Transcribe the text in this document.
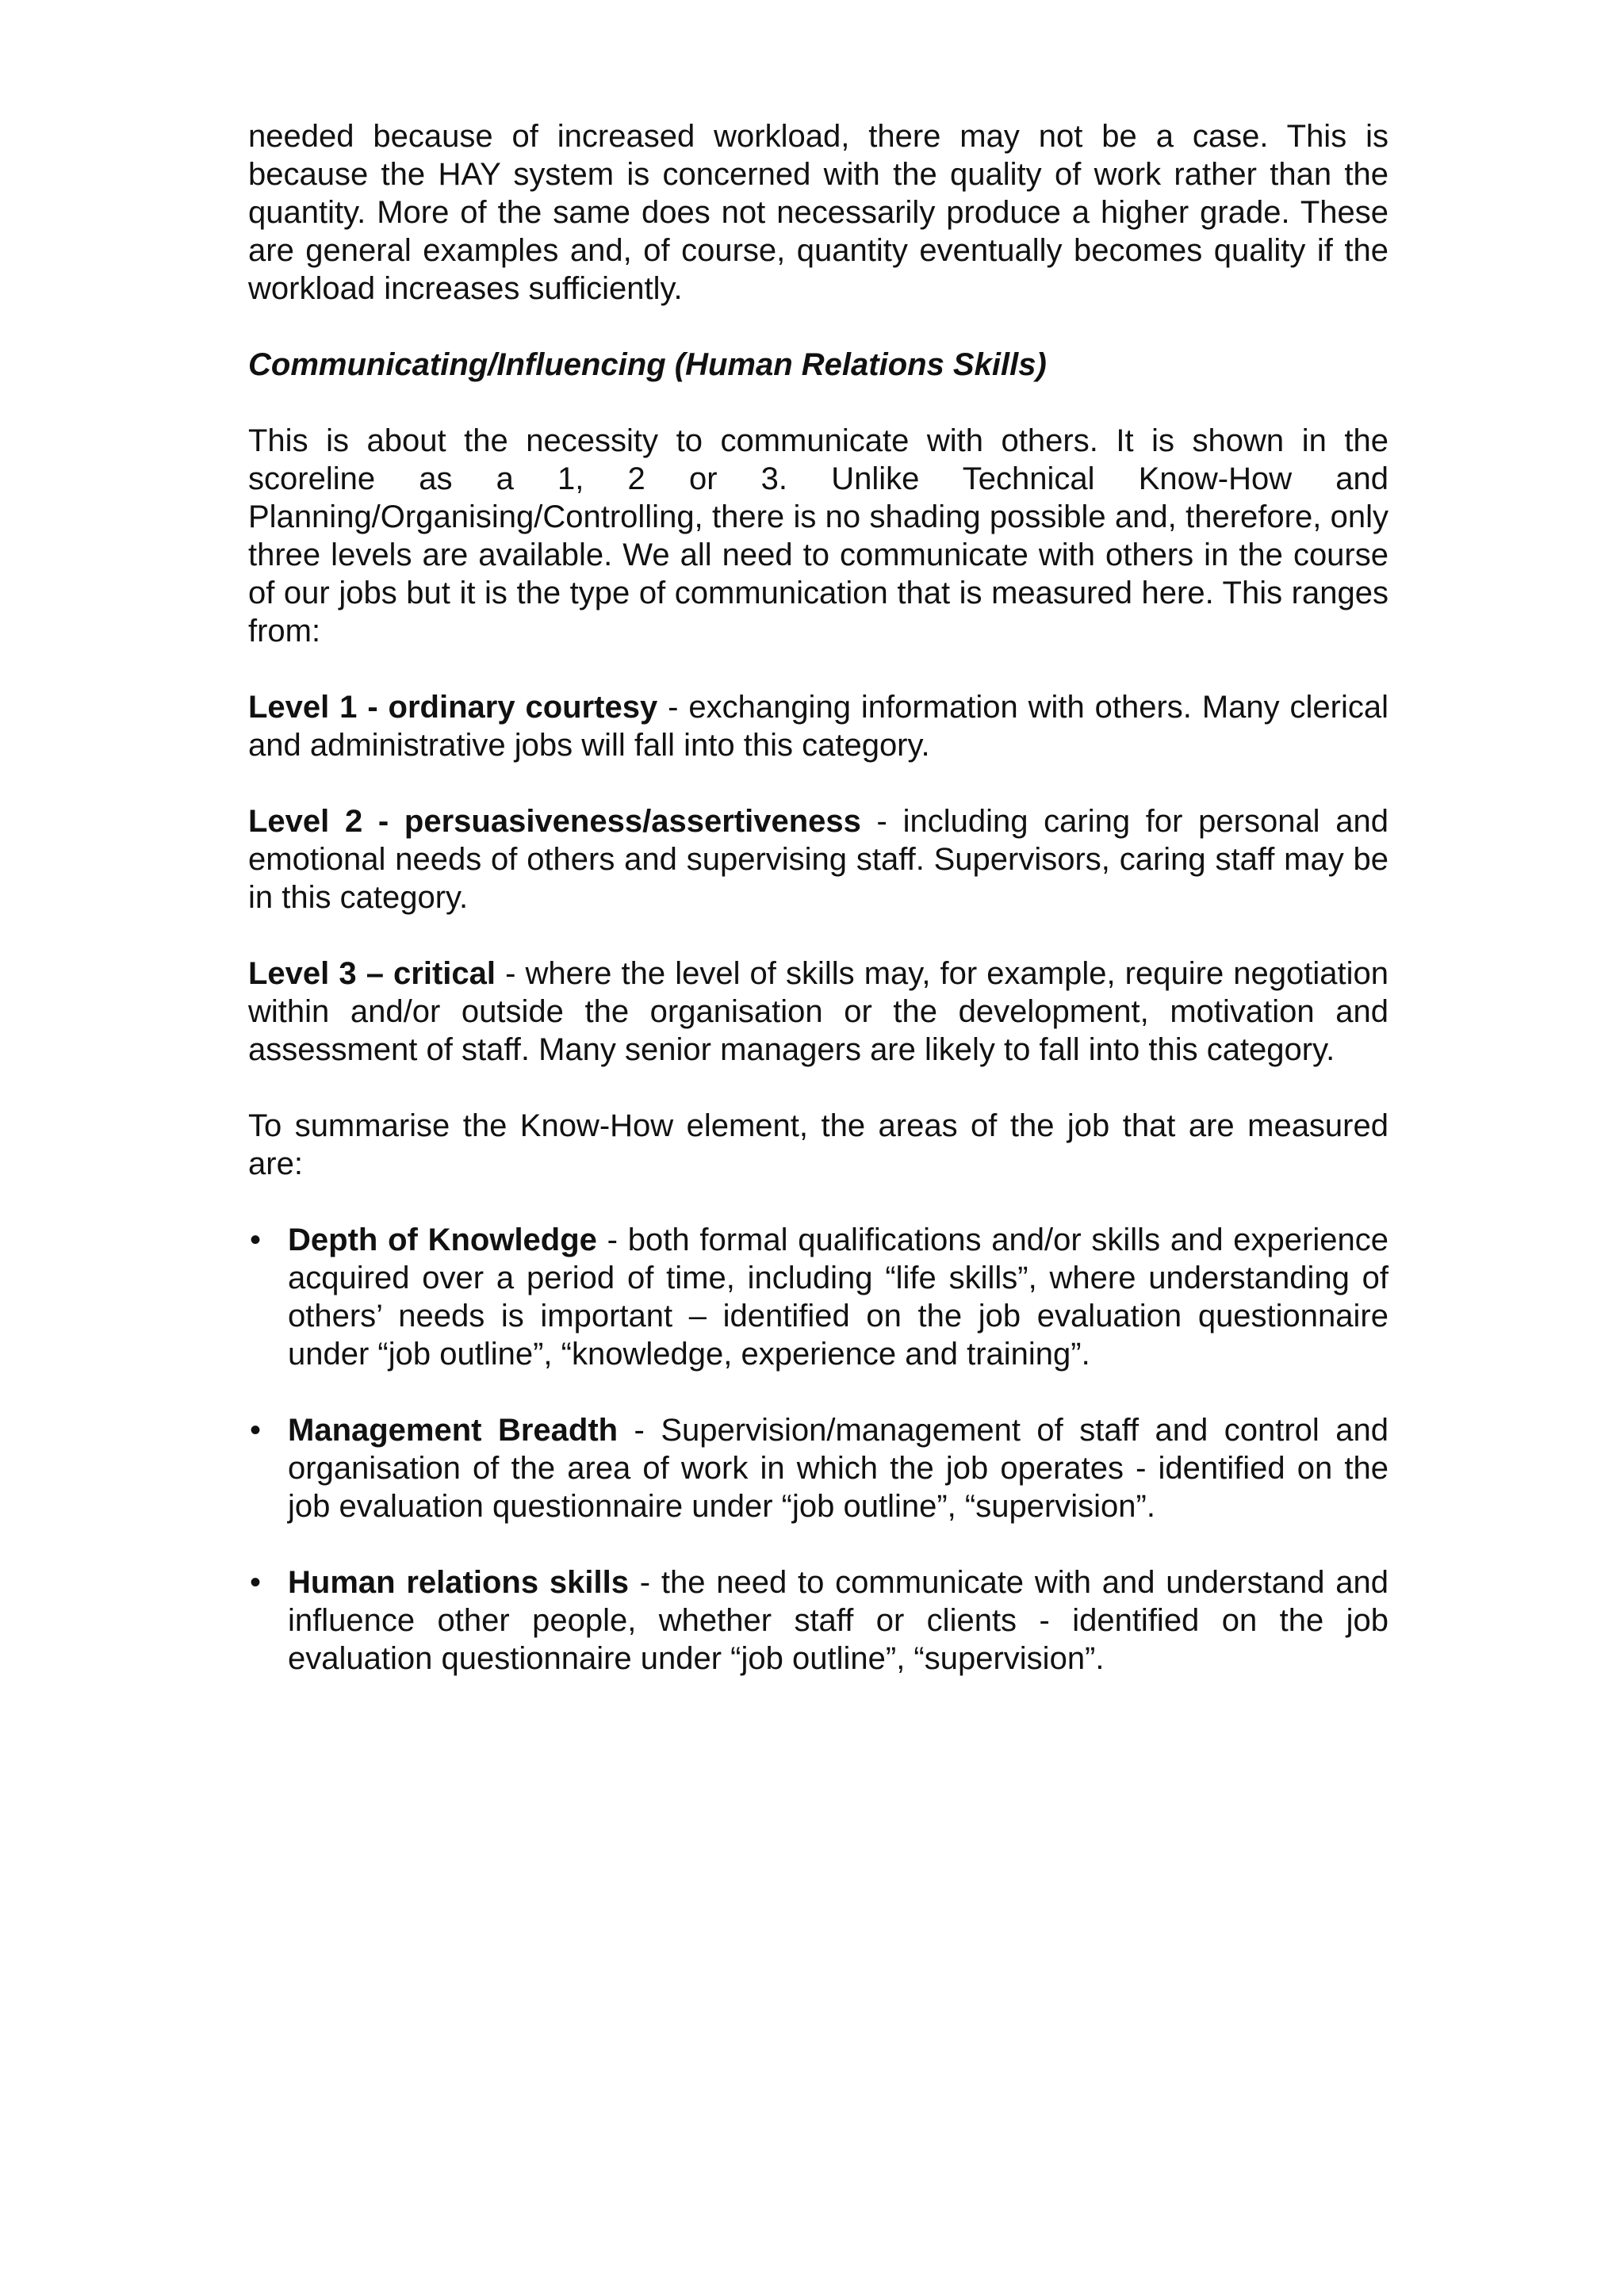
needed because of increased workload, there may not be a case. This is because the HAY system is concerned with the quality of work rather than the quantity. More of the same does not necessarily produce a higher grade. These are general examples and, of course, quantity eventually becomes quality if the workload increases sufficiently.

Communicating/Influencing (Human Relations Skills)

This is about the necessity to communicate with others. It is shown in the scoreline as a 1, 2 or 3. Unlike Technical Know-How and Planning/Organising/Controlling, there is no shading possible and, therefore, only three levels are available. We all need to communicate with others in the course of our jobs but it is the type of communication that is measured here. This ranges from:

Level 1 - ordinary courtesy - exchanging information with others. Many clerical and administrative jobs will fall into this category.

Level 2 - persuasiveness/assertiveness - including caring for personal and emotional needs of others and supervising staff. Supervisors, caring staff may be in this category.

Level 3 – critical - where the level of skills may, for example, require negotiation within and/or outside the organisation or the development, motivation and assessment of staff. Many senior managers are likely to fall into this category.

To summarise the Know-How element, the areas of the job that are measured are:

• Depth of Knowledge - both formal qualifications and/or skills and experience acquired over a period of time, including “life skills”, where understanding of others’ needs is important – identified on the job evaluation questionnaire under “job outline”, “knowledge, experience and training”.
• Management Breadth - Supervision/management of staff and control and organisation of the area of work in which the job operates - identified on the job evaluation questionnaire under “job outline”, “supervision”.
• Human relations skills - the need to communicate with and understand and influence other people, whether staff or clients - identified on the job evaluation questionnaire under “job outline”, “supervision”.
